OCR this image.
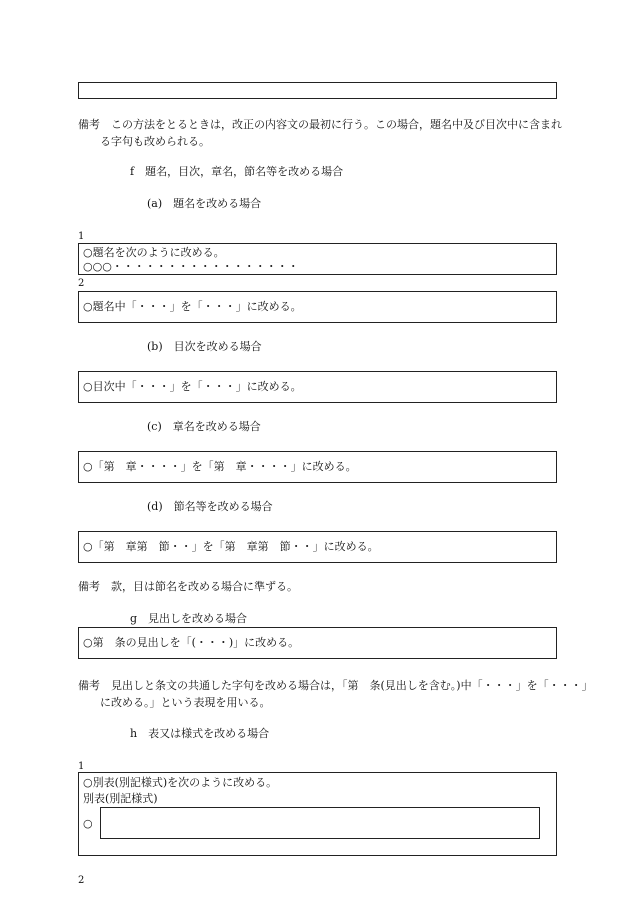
備考　この方法をとるときは，改正の内容文の最初に行う。この場合，題名中及び目次中に含まれ
る字句も改められる。
f　題名，目次，章名，節名等を改める場合
(a)　題名を改める場合
1
○題名を次のように改める。
○○○・・・・・・・・・・・・・・・・・
2
○題名中「・・・」を「・・・」に改める。
(b)　目次を改める場合
○目次中「・・・」を「・・・」に改める。
(c)　章名を改める場合
○「第　章・・・・」を「第　章・・・・」に改める。
(d)　節名等を改める場合
○「第　章第　節・・」を「第　章第　節・・」に改める。
備考　款，目は節名を改める場合に準ずる。
g　見出しを改める場合
○第　条の見出しを「(・・・)」に改める。
備考　見出しと条文の共通した字句を改める場合は，「第　条(見出しを含む。)中「・・・」を「・・・」
に改める。」という表現を用いる。
h　表又は様式を改める場合
1
○別表(別記様式)を次のように改める。
別表(別記様式)
○
2
